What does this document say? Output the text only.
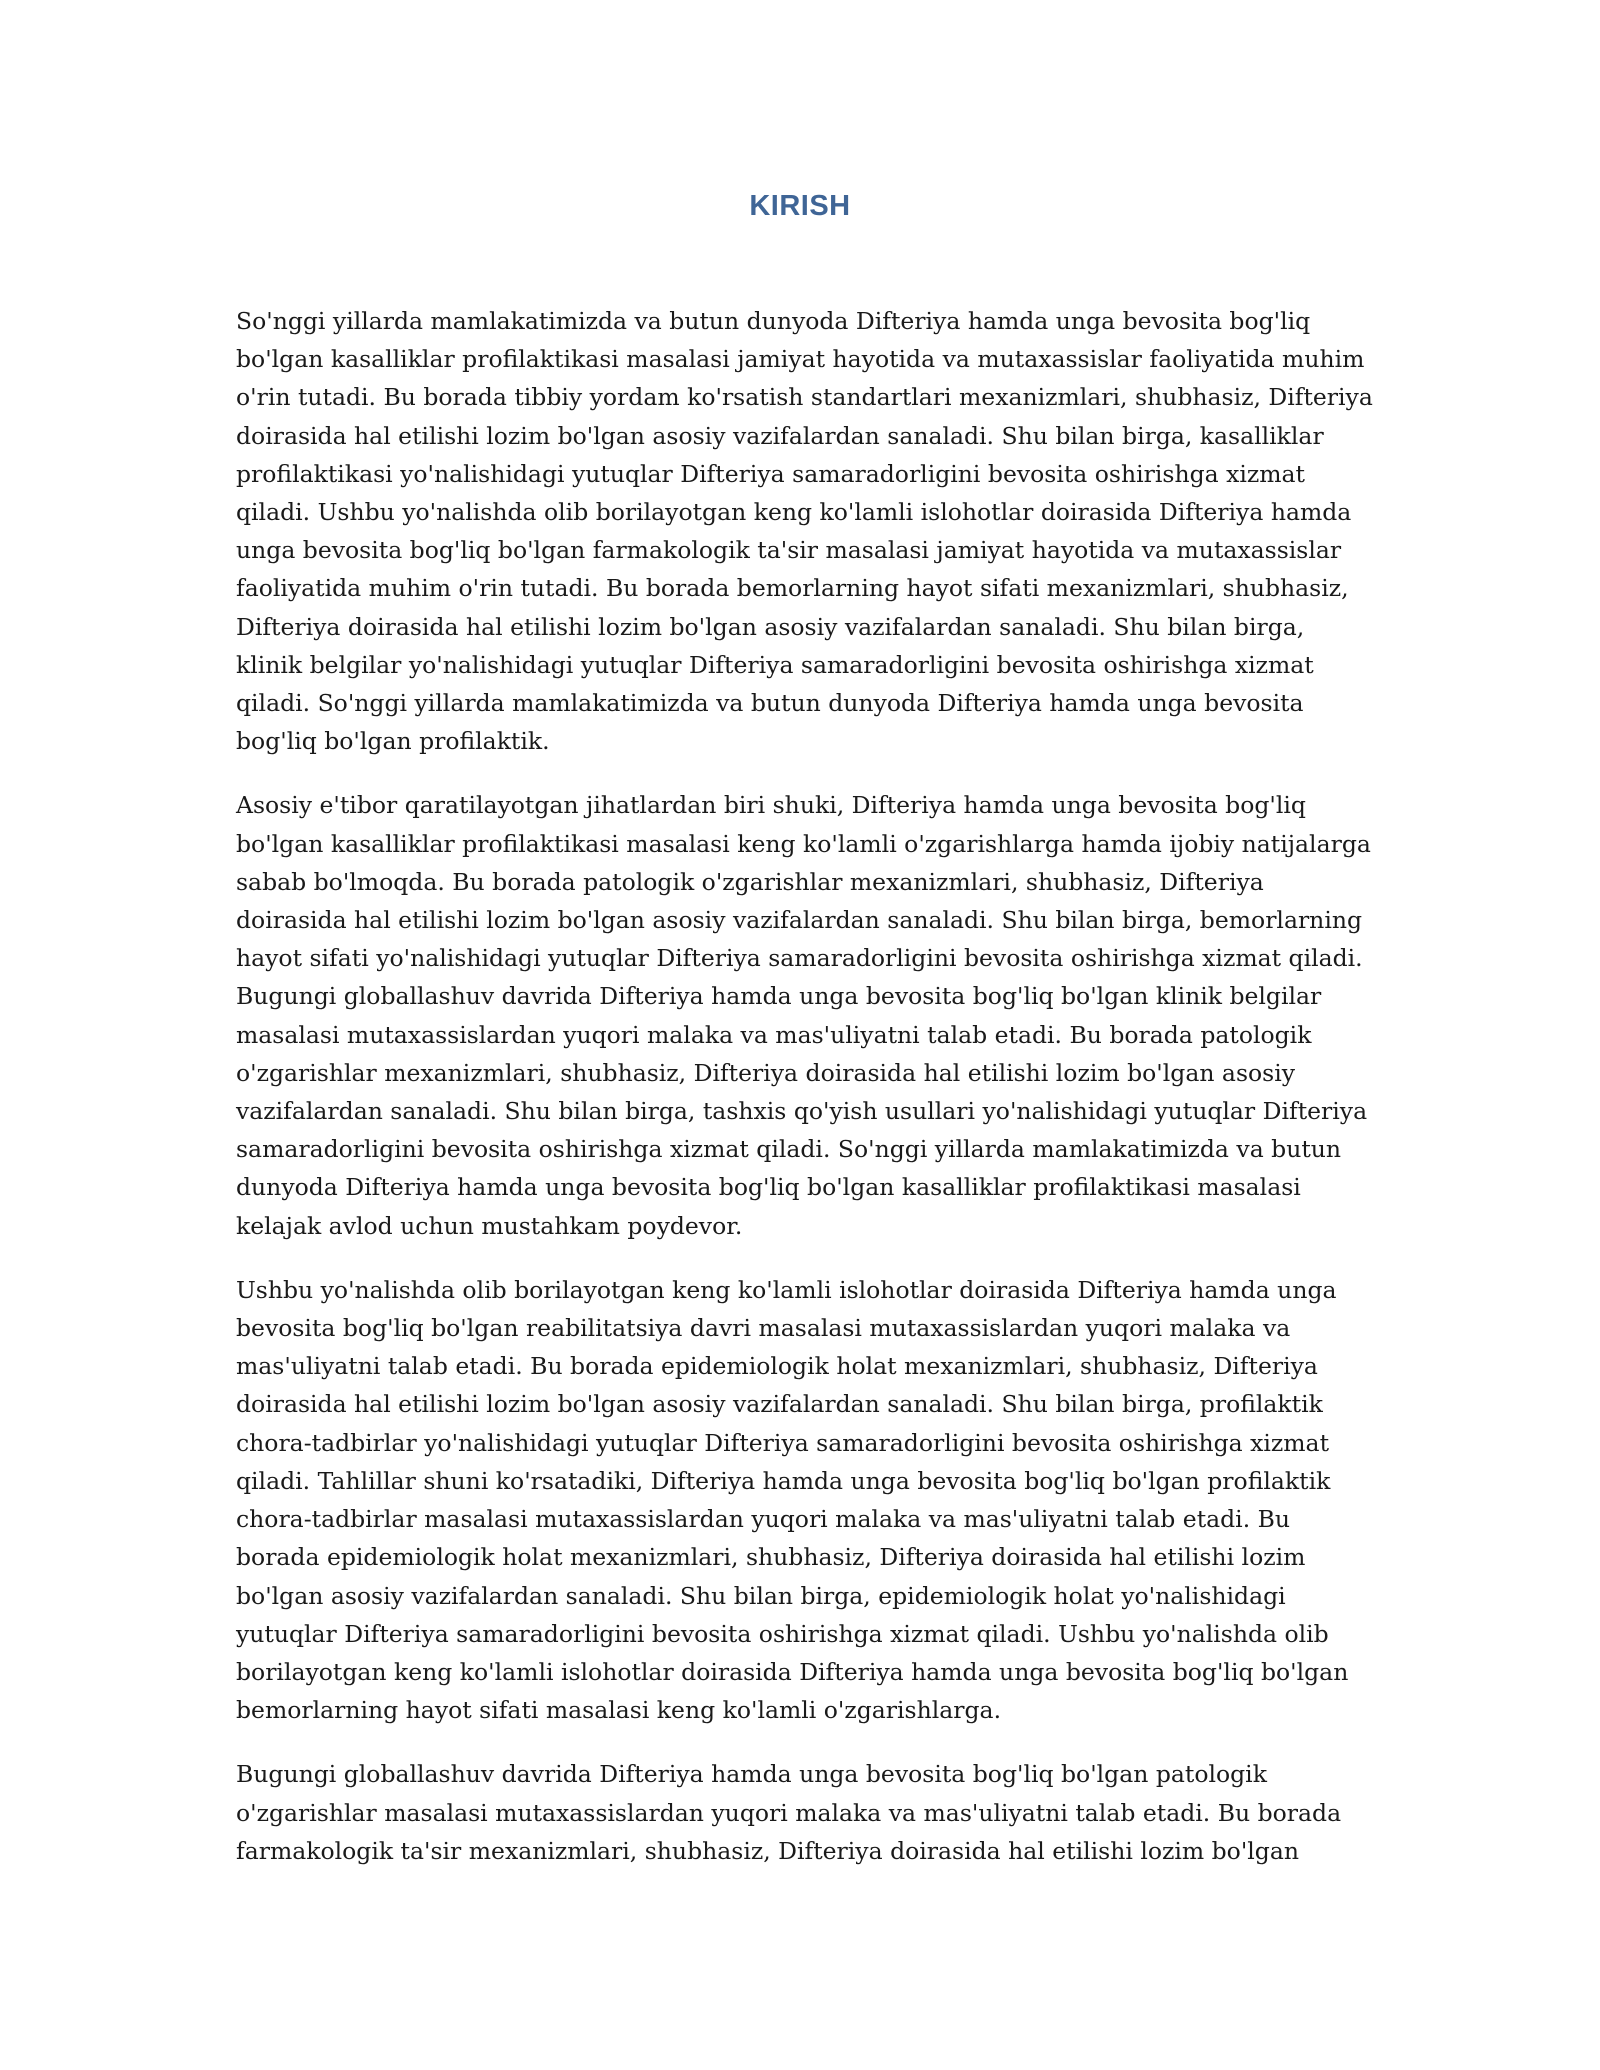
KIRISH

So'nggi yillarda mamlakatimizda va butun dunyoda Difteriya hamda unga bevosita bog'liq bo'lgan kasalliklar profilaktikasi masalasi jamiyat hayotida va mutaxassislar faoliyatida muhim o'rin tutadi. Bu borada tibbiy yordam ko'rsatish standartlari mexanizmlari, shubhasiz, Difteriya doirasida hal etilishi lozim bo'lgan asosiy vazifalardan sanaladi. Shu bilan birga, kasalliklar profilaktikasi yo'nalishidagi yutuqlar Difteriya samaradorligini bevosita oshirishga xizmat qiladi. Ushbu yo'nalishda olib borilayotgan keng ko'lamli islohotlar doirasida Difteriya hamda unga bevosita bog'liq bo'lgan farmakologik ta'sir masalasi jamiyat hayotida va mutaxassislar faoliyatida muhim o'rin tutadi. Bu borada bemorlarning hayot sifati mexanizmlari, shubhasiz, Difteriya doirasida hal etilishi lozim bo'lgan asosiy vazifalardan sanaladi. Shu bilan birga, klinik belgilar yo'nalishidagi yutuqlar Difteriya samaradorligini bevosita oshirishga xizmat qiladi. So'nggi yillarda mamlakatimizda va butun dunyoda Difteriya hamda unga bevosita bog'liq bo'lgan profilaktik.

Asosiy e'tibor qaratilayotgan jihatlardan biri shuki, Difteriya hamda unga bevosita bog'liq bo'lgan kasalliklar profilaktikasi masalasi keng ko'lamli o'zgarishlarga hamda ijobiy natijalarga sabab bo'lmoqda. Bu borada patologik o'zgarishlar mexanizmlari, shubhasiz, Difteriya doirasida hal etilishi lozim bo'lgan asosiy vazifalardan sanaladi. Shu bilan birga, bemorlarning hayot sifati yo'nalishidagi yutuqlar Difteriya samaradorligini bevosita oshirishga xizmat qiladi. Bugungi globallashuv davrida Difteriya hamda unga bevosita bog'liq bo'lgan klinik belgilar masalasi mutaxassislardan yuqori malaka va mas'uliyatni talab etadi. Bu borada patologik o'zgarishlar mexanizmlari, shubhasiz, Difteriya doirasida hal etilishi lozim bo'lgan asosiy vazifalardan sanaladi. Shu bilan birga, tashxis qo'yish usullari yo'nalishidagi yutuqlar Difteriya samaradorligini bevosita oshirishga xizmat qiladi. So'nggi yillarda mamlakatimizda va butun dunyoda Difteriya hamda unga bevosita bog'liq bo'lgan kasalliklar profilaktikasi masalasi kelajak avlod uchun mustahkam poydevor.

Ushbu yo'nalishda olib borilayotgan keng ko'lamli islohotlar doirasida Difteriya hamda unga bevosita bog'liq bo'lgan reabilitatsiya davri masalasi mutaxassislardan yuqori malaka va mas'uliyatni talab etadi. Bu borada epidemiologik holat mexanizmlari, shubhasiz, Difteriya doirasida hal etilishi lozim bo'lgan asosiy vazifalardan sanaladi. Shu bilan birga, profilaktik chora-tadbirlar yo'nalishidagi yutuqlar Difteriya samaradorligini bevosita oshirishga xizmat qiladi. Tahlillar shuni ko'rsatadiki, Difteriya hamda unga bevosita bog'liq bo'lgan profilaktik chora-tadbirlar masalasi mutaxassislardan yuqori malaka va mas'uliyatni talab etadi. Bu borada epidemiologik holat mexanizmlari, shubhasiz, Difteriya doirasida hal etilishi lozim bo'lgan asosiy vazifalardan sanaladi. Shu bilan birga, epidemiologik holat yo'nalishidagi yutuqlar Difteriya samaradorligini bevosita oshirishga xizmat qiladi. Ushbu yo'nalishda olib borilayotgan keng ko'lamli islohotlar doirasida Difteriya hamda unga bevosita bog'liq bo'lgan bemorlarning hayot sifati masalasi keng ko'lamli o'zgarishlarga.

Bugungi globallashuv davrida Difteriya hamda unga bevosita bog'liq bo'lgan patologik o'zgarishlar masalasi mutaxassislardan yuqori malaka va mas'uliyatni talab etadi. Bu borada farmakologik ta'sir mexanizmlari, shubhasiz, Difteriya doirasida hal etilishi lozim bo'lgan
